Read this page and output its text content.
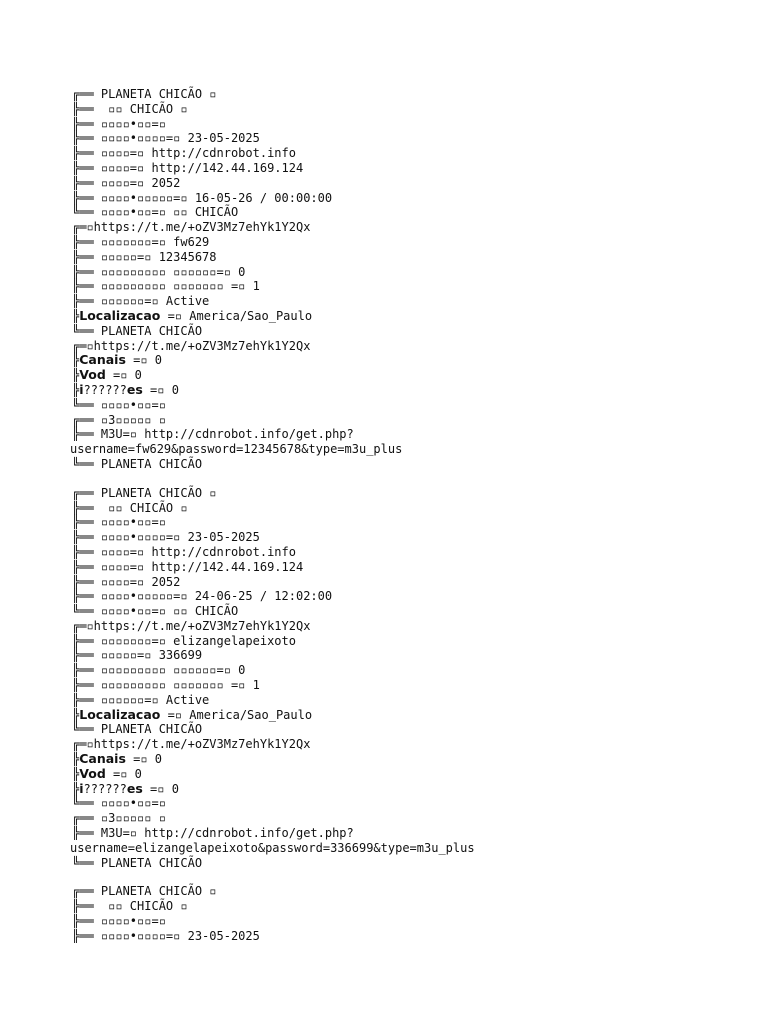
╔══ PLANETA CHICÃO ▫
╠══  ▫▫ CHICÃO ▫
╠══ ▫▫▫▫•▫▫=▫
╠══ ▫▫▫▫•▫▫▫▫=▫ 23-05-2025
╠══ ▫▫▫▫=▫ http://cdnrobot.info
╠══ ▫▫▫▫=▫ http://142.44.169.124
╠══ ▫▫▫▫=▫ 2052
╠══ ▫▫▫▫•▫▫▫▫▫=▫ 16-05-26 / 00:00:00
╚══ ▫▫▫▫•▫▫=▫ ▫▫ CHICÃO
╔═▫https://t.me/+oZV3Mz7ehYk1Y2Qx
╠══ ▫▫▫▫▫▫▫=▫ fw629
╠══ ▫▫▫▫▫=▫ 12345678
╠══ ▫▫▫▫▫▫▫▫▫ ▫▫▫▫▫▫=▫ 0
╠══ ▫▫▫▫▫▫▫▫▫ ▫▫▫▫▫▫▫ =▫ 1
╠══ ▫▫▫▫▫▫=▫ Active
╠Localizacao =▫ America/Sao_Paulo
╚══ PLANETA CHICÃO
╔═▫https://t.me/+oZV3Mz7ehYk1Y2Qx
╠Canais =▫ 0
╠Vod =▫ 0
╠i??????es =▫ 0
╚══ ▫▫▫▫•▫▫=▫
╔══ ▫3▫▫▫▫▫ ▫
╠══ M3U=▫ http://cdnrobot.info/get.php?
username=fw629&password=12345678&type=m3u_plus
╚══ PLANETA CHICÃO
╔══ PLANETA CHICÃO ▫
╠══  ▫▫ CHICÃO ▫
╠══ ▫▫▫▫•▫▫=▫
╠══ ▫▫▫▫•▫▫▫▫=▫ 23-05-2025
╠══ ▫▫▫▫=▫ http://cdnrobot.info
╠══ ▫▫▫▫=▫ http://142.44.169.124
╠══ ▫▫▫▫=▫ 2052
╠══ ▫▫▫▫•▫▫▫▫▫=▫ 24-06-25 / 12:02:00
╚══ ▫▫▫▫•▫▫=▫ ▫▫ CHICÃO
╔═▫https://t.me/+oZV3Mz7ehYk1Y2Qx
╠══ ▫▫▫▫▫▫▫=▫ elizangelapeixoto
╠══ ▫▫▫▫▫=▫ 336699
╠══ ▫▫▫▫▫▫▫▫▫ ▫▫▫▫▫▫=▫ 0
╠══ ▫▫▫▫▫▫▫▫▫ ▫▫▫▫▫▫▫ =▫ 1
╠══ ▫▫▫▫▫▫=▫ Active
╠Localizacao =▫ America/Sao_Paulo
╚══ PLANETA CHICÃO
╔═▫https://t.me/+oZV3Mz7ehYk1Y2Qx
╠Canais =▫ 0
╠Vod =▫ 0
╠i??????es =▫ 0
╚══ ▫▫▫▫•▫▫=▫
╔══ ▫3▫▫▫▫▫ ▫
╠══ M3U=▫ http://cdnrobot.info/get.php?
username=elizangelapeixoto&password=336699&type=m3u_plus
╚══ PLANETA CHICÃO
╔══ PLANETA CHICÃO ▫
╠══  ▫▫ CHICÃO ▫
╠══ ▫▫▫▫•▫▫=▫
╠══ ▫▫▫▫•▫▫▫▫=▫ 23-05-2025
